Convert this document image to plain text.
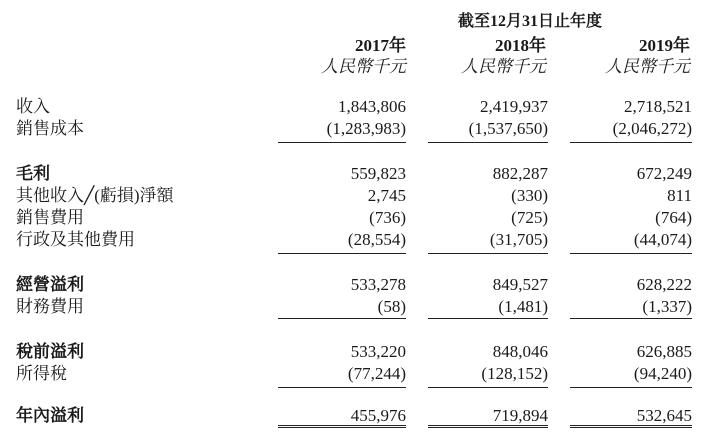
截至12月31日止年度
2017年	2018年	2019年
人民幣千元	人民幣千元	人民幣千元
收入	1,843,806	2,419,937	2,718,521
銷售成本	(1,283,983)	(1,537,650)	(2,046,272)
毛利	559,823	882,287	672,249
其他收入╱(虧損)淨額	2,745	(330)	811
銷售費用	(736)	(725)	(764)
行政及其他費用	(28,554)	(31,705)	(44,074)
經營溢利	533,278	849,527	628,222
財務費用	(58)	(1,481)	(1,337)
稅前溢利	533,220	848,046	626,885
所得稅	(77,244)	(128,152)	(94,240)
年內溢利	455,976	719,894	532,645
